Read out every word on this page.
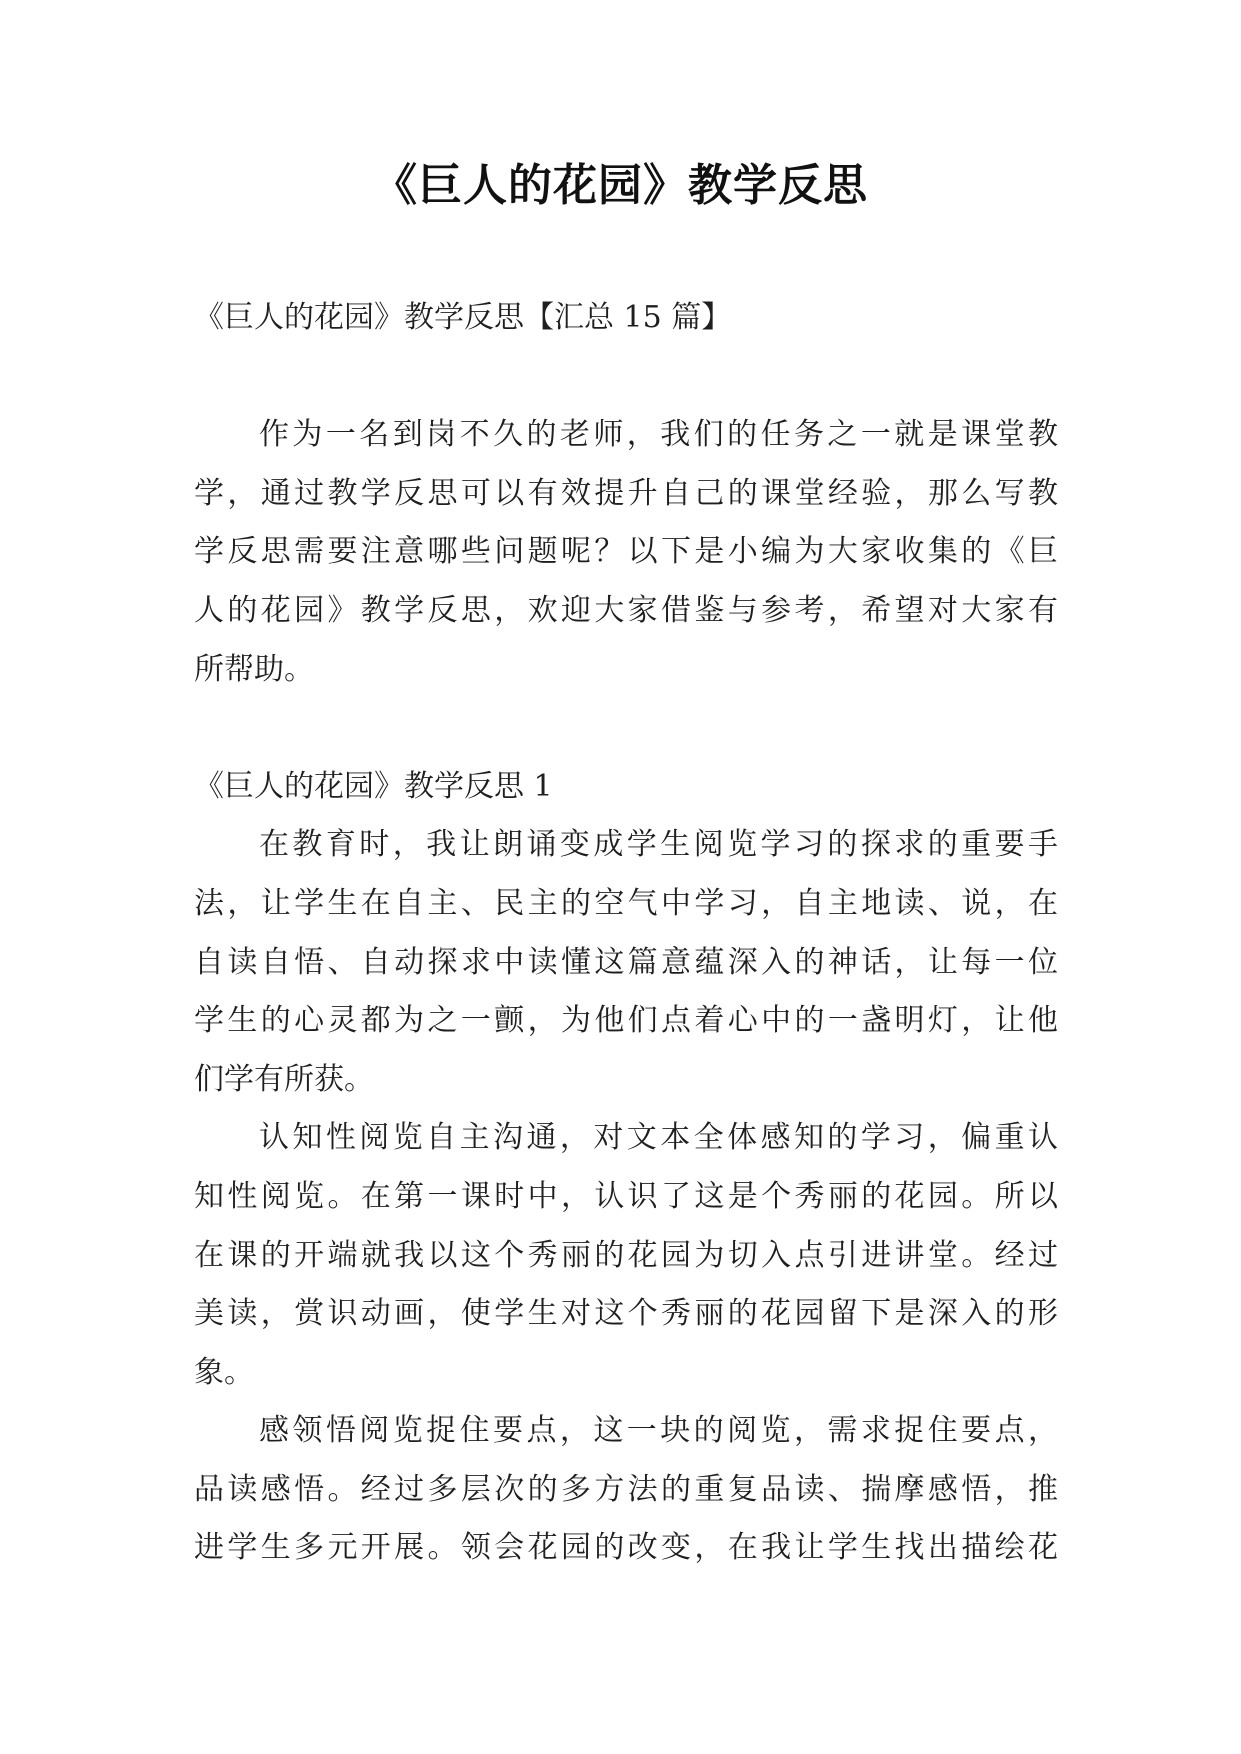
《巨人的花园》教学反思
《巨人的花园》教学反思【汇总 15 篇】
作为一名到岗不久的老师，我们的任务之一就是课堂教
学，通过教学反思可以有效提升自己的课堂经验，那么写教
学反思需要注意哪些问题呢？以下是小编为大家收集的《巨
人的花园》教学反思，欢迎大家借鉴与参考，希望对大家有
所帮助。
《巨人的花园》教学反思 1
在教育时，我让朗诵变成学生阅览学习的探求的重要手
法，让学生在自主、民主的空气中学习，自主地读、说，在
自读自悟、自动探求中读懂这篇意蕴深入的神话，让每一位
学生的心灵都为之一颤，为他们点着心中的一盏明灯，让他
们学有所获。
认知性阅览自主沟通，对文本全体感知的学习，偏重认
知性阅览。在第一课时中，认识了这是个秀丽的花园。所以
在课的开端就我以这个秀丽的花园为切入点引进讲堂。经过
美读，赏识动画，使学生对这个秀丽的花园留下是深入的形
象。
感领悟阅览捉住要点，这一块的阅览，需求捉住要点，
品读感悟。经过多层次的多方法的重复品读、揣摩感悟，推
进学生多元开展。领会花园的改变，在我让学生找出描绘花
